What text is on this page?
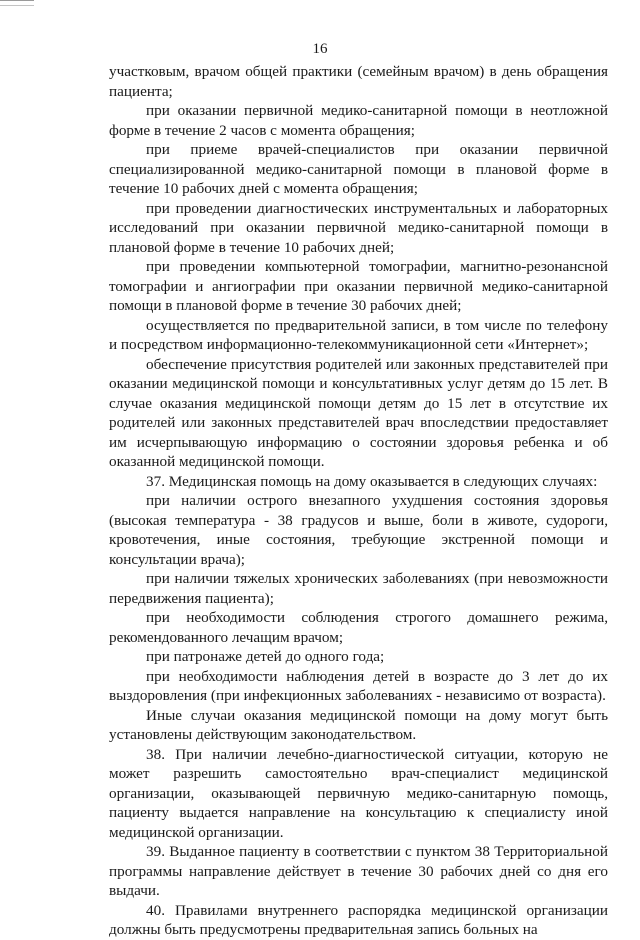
16

участковым, врачом общей практики (семейным врачом) в день обращения пациента;

при оказании первичной медико-санитарной помощи в неотложной форме в течение 2 часов с момента обращения;

при приеме врачей-специалистов при оказании первичной специализированной медико-санитарной помощи в плановой форме в течение 10 рабочих дней с момента обращения;

при проведении диагностических инструментальных и лабораторных исследований при оказании первичной медико-санитарной помощи в плановой форме в течение 10 рабочих дней;

при проведении компьютерной томографии, магнитно-резонансной томографии и ангиографии при оказании первичной медико-санитарной помощи в плановой форме в течение 30 рабочих дней;

осуществляется по предварительной записи, в том числе по телефону и посредством информационно-телекоммуникационной сети «Интернет»;

обеспечение присутствия родителей или законных представителей при оказании медицинской помощи и консультативных услуг детям до 15 лет. В случае оказания медицинской помощи детям до 15 лет в отсутствие их родителей или законных представителей врач впоследствии предоставляет им исчерпывающую информацию о состоянии здоровья ребенка и об оказанной медицинской помощи.

37. Медицинская помощь на дому оказывается в следующих случаях:

при наличии острого внезапного ухудшения состояния здоровья (высокая температура - 38 градусов и выше, боли в животе, судороги, кровотечения, иные состояния, требующие экстренной помощи и консультации врача);

при наличии тяжелых хронических заболеваниях (при невозможности передвижения пациента);

при необходимости соблюдения строгого домашнего режима, рекомендованного лечащим врачом;

при патронаже детей до одного года;

при необходимости наблюдения детей в возрасте до 3 лет до их выздоровления (при инфекционных заболеваниях - независимо от возраста).

Иные случаи оказания медицинской помощи на дому могут быть установлены действующим законодательством.

38. При наличии лечебно-диагностической ситуации, которую не может разрешить самостоятельно врач-специалист медицинской организации, оказывающей первичную медико-санитарную помощь, пациенту выдается направление на консультацию к специалисту иной медицинской организации.

39. Выданное пациенту в соответствии с пунктом 38 Территориальной программы направление действует в течение 30 рабочих дней со дня его выдачи.

40. Правилами внутреннего распорядка медицинской организации должны быть предусмотрены предварительная запись больных на
